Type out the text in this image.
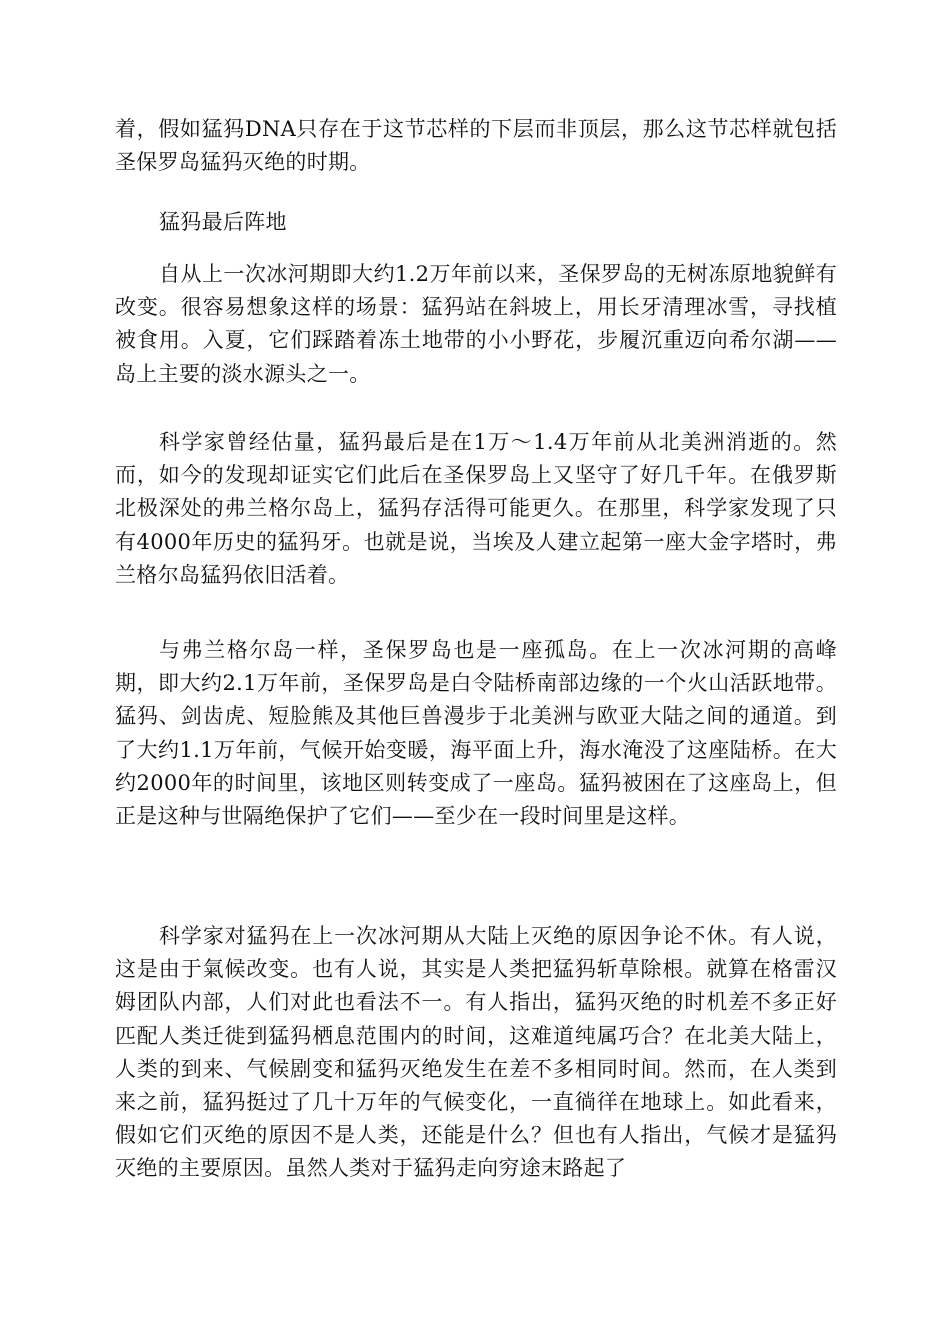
着，假如猛犸DNA只存在于这节芯样的下层而非顶层，那么这节芯样就包括圣保罗岛猛犸灭绝的时期。

猛犸最后阵地

自从上一次冰河期即大约1.2万年前以来，圣保罗岛的无树冻原地貌鲜有改变。很容易想象这样的场景：猛犸站在斜坡上，用长牙清理冰雪，寻找植被食用。入夏，它们踩踏着冻土地带的小小野花，步履沉重迈向希尔湖——岛上主要的淡水源头之一。

科学家曾经估量，猛犸最后是在1万～1.4万年前从北美洲消逝的。然而，如今的发现却证实它们此后在圣保罗岛上又坚守了好几千年。在俄罗斯北极深处的弗兰格尔岛上，猛犸存活得可能更久。在那里，科学家发现了只有4000年历史的猛犸牙。也就是说，当埃及人建立起第一座大金字塔时，弗兰格尔岛猛犸依旧活着。

与弗兰格尔岛一样，圣保罗岛也是一座孤岛。在上一次冰河期的高峰期，即大约2.1万年前，圣保罗岛是白令陆桥南部边缘的一个火山活跃地带。猛犸、剑齿虎、短脸熊及其他巨兽漫步于北美洲与欧亚大陆之间的通道。到了大约1.1万年前，气候开始变暖，海平面上升，海水淹没了这座陆桥。在大约2000年的时间里，该地区则转变成了一座岛。猛犸被困在了这座岛上，但正是这种与世隔绝保护了它们——至少在一段时间里是这样。

科学家对猛犸在上一次冰河期从大陆上灭绝的原因争论不休。有人说，这是由于氣候改变。也有人说，其实是人类把猛犸斩草除根。就算在格雷汉姆团队内部，人们对此也看法不一。有人指出，猛犸灭绝的时机差不多正好匹配人类迁徙到猛犸栖息范围内的时间，这难道纯属巧合？在北美大陆上，人类的到来、气候剧变和猛犸灭绝发生在差不多相同时间。然而，在人类到来之前，猛犸挺过了几十万年的气候变化，一直徜徉在地球上。如此看来，假如它们灭绝的原因不是人类，还能是什么？但也有人指出，气候才是猛犸灭绝的主要原因。虽然人类对于猛犸走向穷途末路起了
